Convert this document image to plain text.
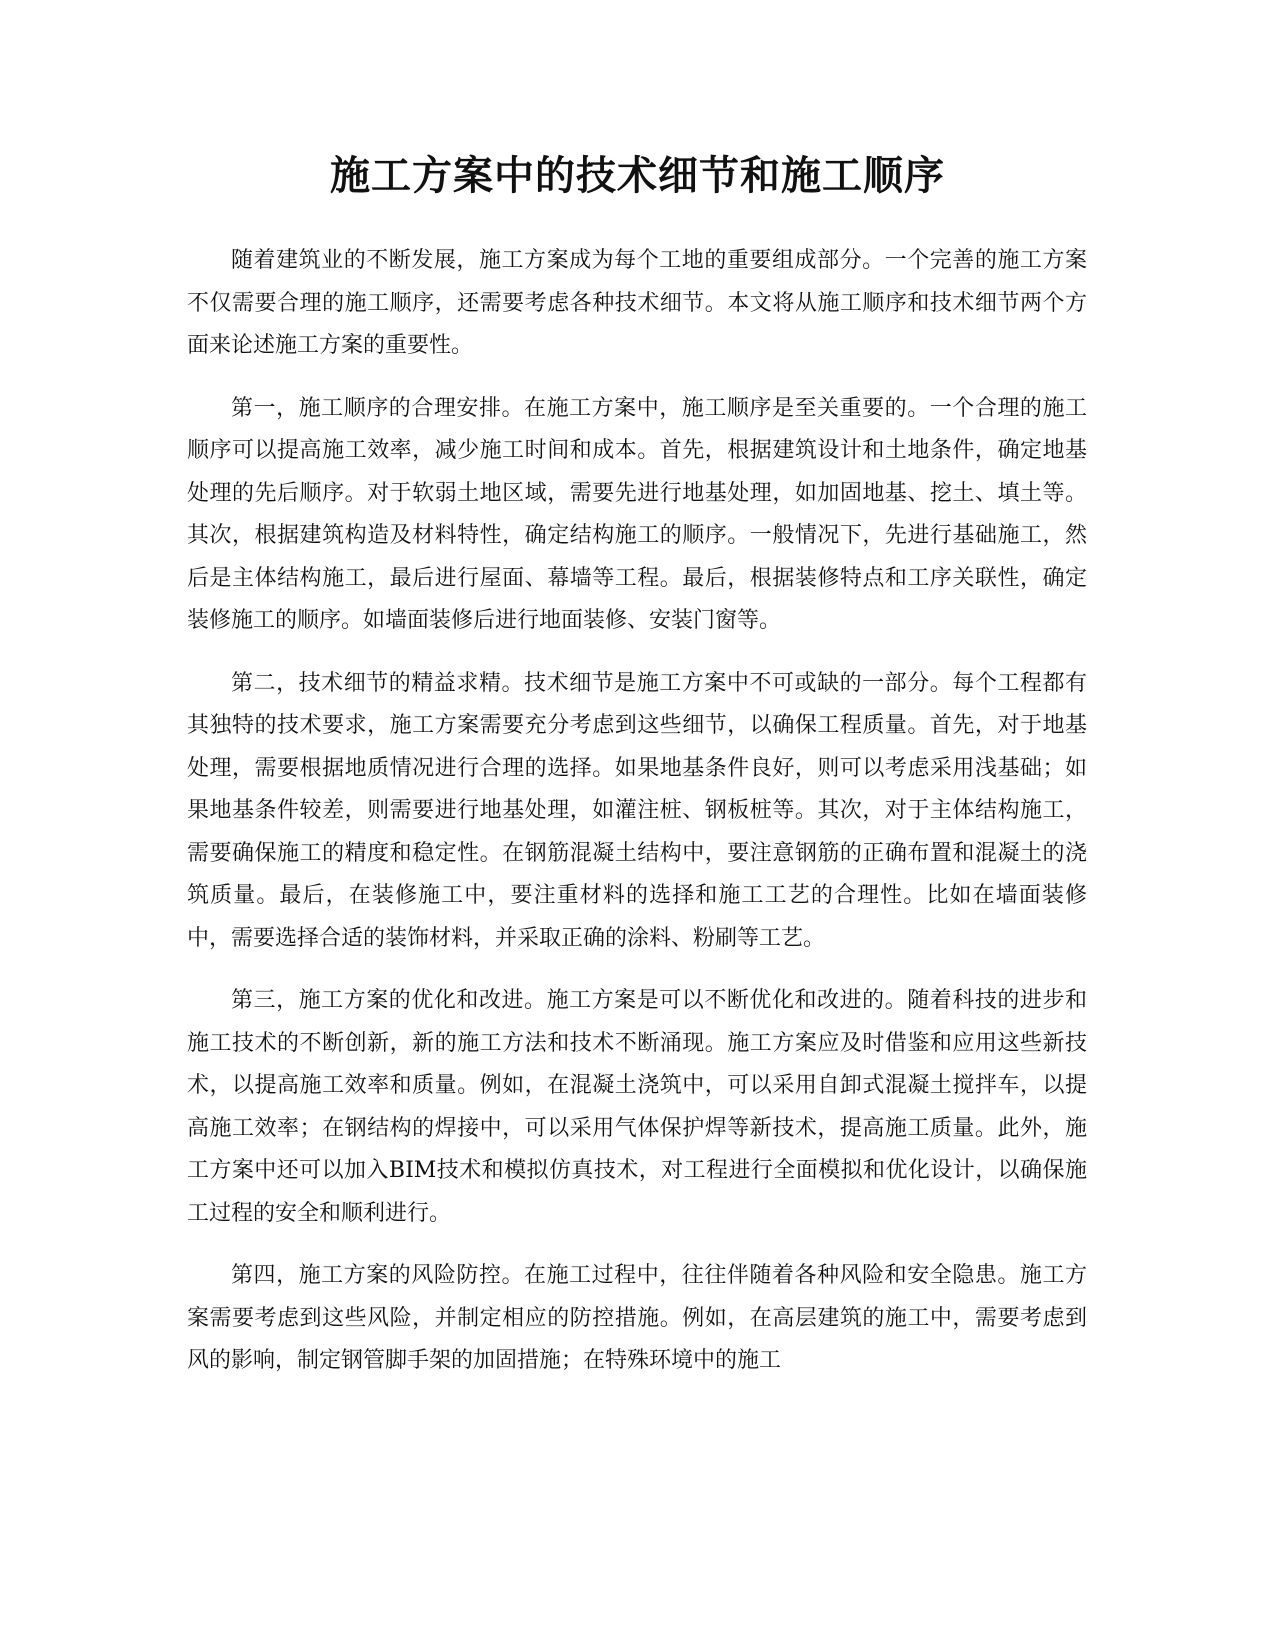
施工方案中的技术细节和施工顺序

随着建筑业的不断发展，施工方案成为每个工地的重要组成部分。一个完善的施工方案不仅需要合理的施工顺序，还需要考虑各种技术细节。本文将从施工顺序和技术细节两个方面来论述施工方案的重要性。

第一，施工顺序的合理安排。在施工方案中，施工顺序是至关重要的。一个合理的施工顺序可以提高施工效率，减少施工时间和成本。首先，根据建筑设计和土地条件，确定地基处理的先后顺序。对于软弱土地区域，需要先进行地基处理，如加固地基、挖土、填土等。其次，根据建筑构造及材料特性，确定结构施工的顺序。一般情况下，先进行基础施工，然后是主体结构施工，最后进行屋面、幕墙等工程。最后，根据装修特点和工序关联性，确定装修施工的顺序。如墙面装修后进行地面装修、安装门窗等。

第二，技术细节的精益求精。技术细节是施工方案中不可或缺的一部分。每个工程都有其独特的技术要求，施工方案需要充分考虑到这些细节，以确保工程质量。首先，对于地基处理，需要根据地质情况进行合理的选择。如果地基条件良好，则可以考虑采用浅基础；如果地基条件较差，则需要进行地基处理，如灌注桩、钢板桩等。其次，对于主体结构施工，需要确保施工的精度和稳定性。在钢筋混凝土结构中，要注意钢筋的正确布置和混凝土的浇筑质量。最后，在装修施工中，要注重材料的选择和施工工艺的合理性。比如在墙面装修中，需要选择合适的装饰材料，并采取正确的涂料、粉刷等工艺。

第三，施工方案的优化和改进。施工方案是可以不断优化和改进的。随着科技的进步和施工技术的不断创新，新的施工方法和技术不断涌现。施工方案应及时借鉴和应用这些新技术，以提高施工效率和质量。例如，在混凝土浇筑中，可以采用自卸式混凝土搅拌车，以提高施工效率；在钢结构的焊接中，可以采用气体保护焊等新技术，提高施工质量。此外，施工方案中还可以加入BIM技术和模拟仿真技术，对工程进行全面模拟和优化设计，以确保施工过程的安全和顺利进行。

第四，施工方案的风险防控。在施工过程中，往往伴随着各种风险和安全隐患。施工方案需要考虑到这些风险，并制定相应的防控措施。例如，在高层建筑的施工中，需要考虑到风的影响，制定钢管脚手架的加固措施；在特殊环境中的施工
